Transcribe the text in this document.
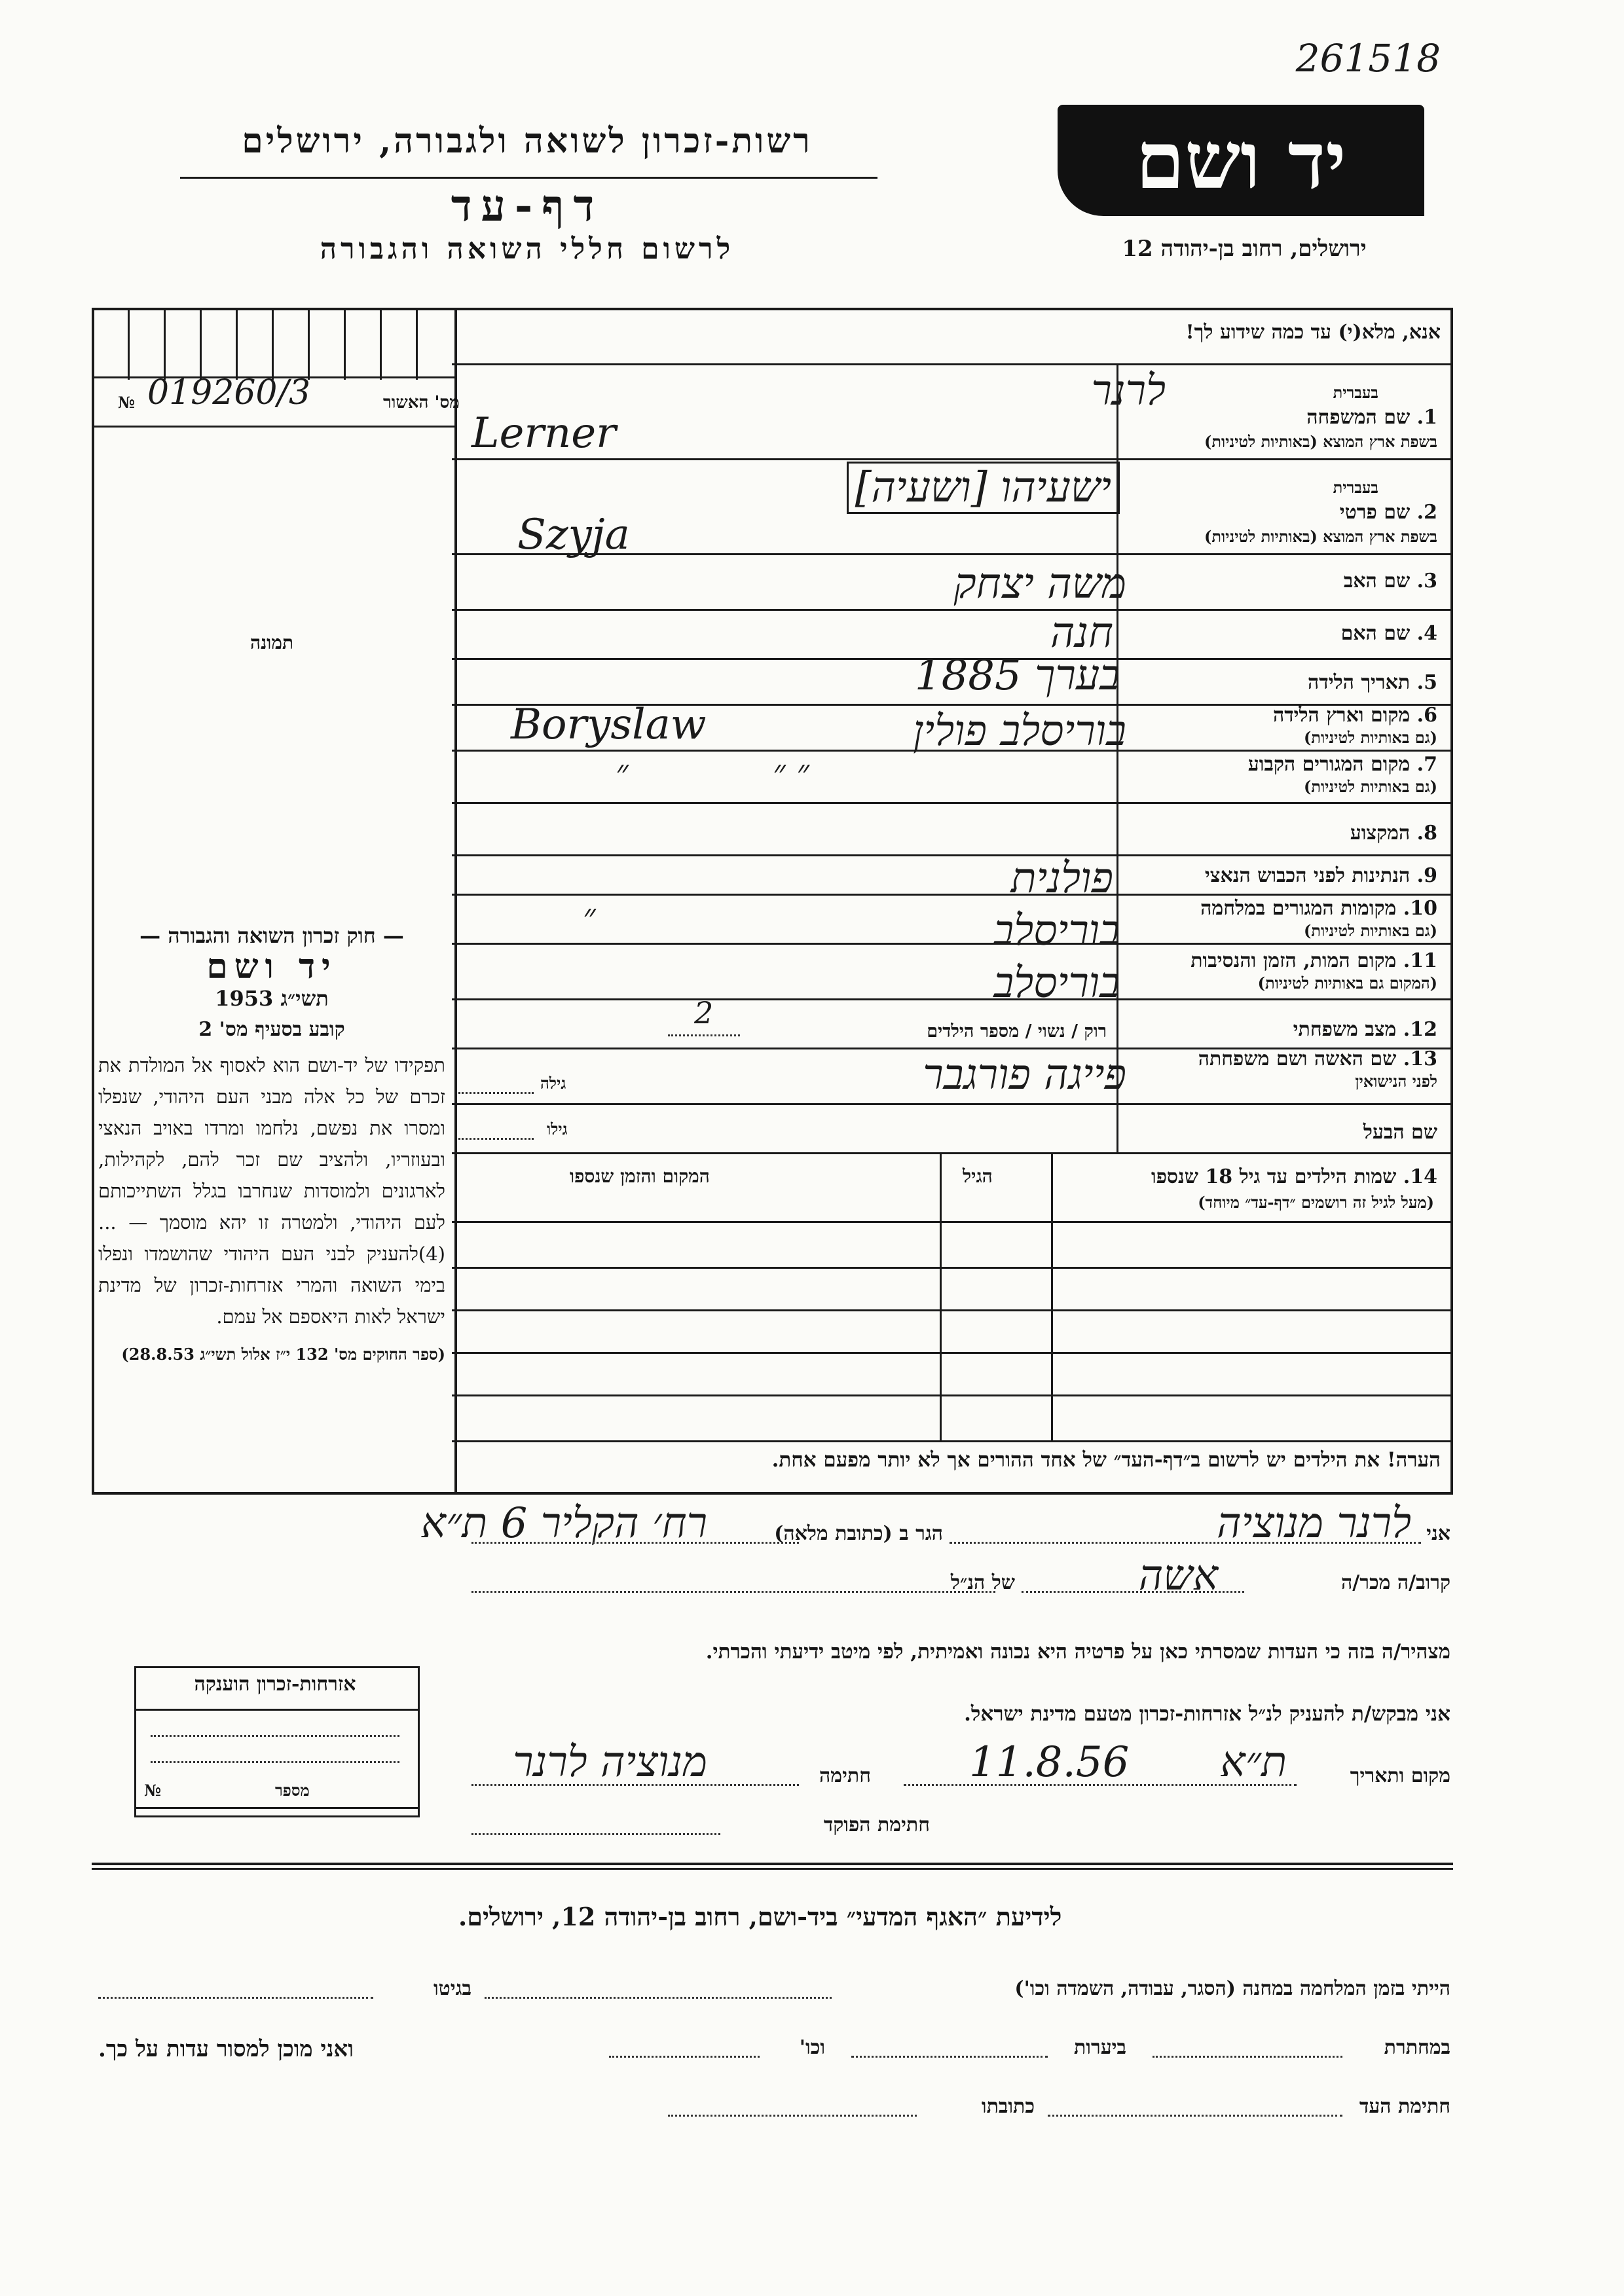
261518
רשות-זכרון לשואה ולגבורה, ירושלים
דף-עד
לרשום חללי השואה והגבורה
יד ושם
ירושלים, רחוב בן-יהודה 12
מס' האשור
019260/3
№
תמונה
— חוק זכרון השואה והגבורה —
יד ושם
תשי״ג 1953
קובע בסעיף מס' 2
תפקידו של יד-ושם הוא לאסוף אל המולדת את זכרם של כל אלה מבני העם היהודי, שנפלו ומסרו את נפשם, נלחמו ומרדו באויב הנאצי ובעוזריו, ולהציב שם זכר להם, לקהילות, לארגונים ולמוסדות שנחרבו בגלל השתייכותם לעם היהודי, ולמטרה זו יהא מוסמך — ...(4)להעניק לבני העם היהודי שהושמדו ונפלו בימי השואה והמרי אזרחות-זכרון של מדינת ישראל לאות היאספם אל עמם.
(ספר החוקים מס' 132 י״ז אלול תשי״ג 28.8.53)
אזרחות-זכרון הוענקה
מספר
№
אנא, מלא(י) עד כמה שידוע לך!
בעברית
1. שם המשפחה
בשפת ארץ המוצא (באותיות לטיניות)
בעברית
2. שם פרטי
בשפת ארץ המוצא (באותיות לטיניות)
3. שם האב
4. שם האם
5. תאריך הלידה
6. מקום וארץ הלידה
(גם באותיות לטיניות)
7. מקום המגורים הקבוע
(גם באותיות לטיניות)
8. המקצוע
9. הנתינות לפני הכבוש הנאצי
10. מקומות המגורים במלחמה
(גם באותיות לטיניות)
11. מקום המות, הזמן והנסיבות
(המקום גם באותיות לטיניות)
12. מצב משפחתי
רוק / נשוי / מספר הילדים
2
13. שם האשה ושם משפחתה
לפני הנישואין
גילה
שם הבעל
גילו
לרנר
Lerner
ישעיהו [ושעיה]
Szyja
משה יצחק
חנה
בערך 1885
בוריסלב פולין
Boryslaw
״ ״
״
פולנית
״	בוריסלב
בוריסלב
פייגה פורגבר
14. שמות הילדים עד גיל 18 שנספו
(מעל לגיל זה רושמים ״דף-עד״ מיוחד)
הגיל
המקום והזמן שנספו
הערה! את הילדים יש לרשום ב״דף-העד״ של אחד ההורים אך לא יותר מפעם אחת.
אני
לרנר מנוציה
הגר ב (כתובת מלאה)
רח׳ הקליר 6 ת״א
קרוב/ה מכר/ה
אשה
של הנ״ל
מצהיר/ה בזה כי העדות שמסרתי כאן על פרטיה היא נכונה ואמיתית, לפי מיטב ידיעתי והכרתי.
אני מבקש/ת להעניק לנ״ל אזרחות-זכרון מטעם מדינת ישראל.
מקום ותאריך
ת״א
11.8.56
חתימה
מנוציה לרנר
חתימת הפוקד
לידיעת ״האגף המדעי״ ביד-ושם, רחוב בן-יהודה 12, ירושלים.
הייתי בזמן המלחמה במחנה (הסגר, עבודה, השמדה וכו')
בגיטו
במחתרת
ביערות
וכו'
ואני מוכן למסור עדות על כך.
חתימת העד
כתובתו
